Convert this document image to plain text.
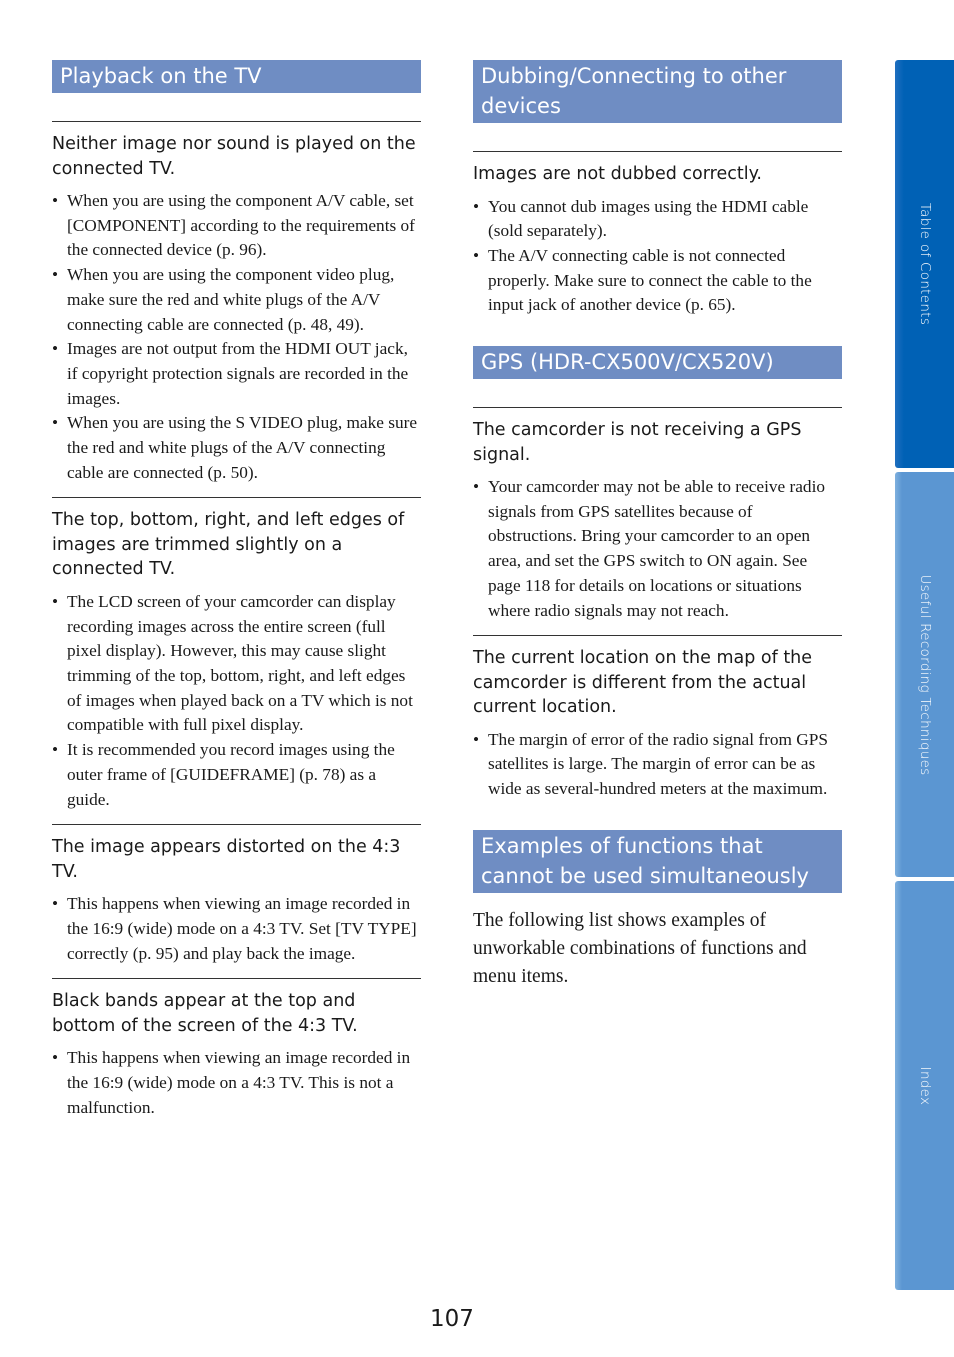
Playback on the TV
Neither image nor sound is played on the connected TV.
• When you are using the component A/V cable, set [COMPONENT] according to the requirements of the connected device (p. 96).
• When you are using the component video plug, make sure the red and white plugs of the A/V connecting cable are connected (p. 48, 49).
• Images are not output from the HDMI OUT jack, if copyright protection signals are recorded in the images.
• When you are using the S VIDEO plug, make sure the red and white plugs of the A/V connecting cable are connected (p. 50).
The top, bottom, right, and left edges of images are trimmed slightly on a connected TV.
• The LCD screen of your camcorder can display recording images across the entire screen (full pixel display). However, this may cause slight trimming of the top, bottom, right, and left edges of images when played back on a TV which is not compatible with full pixel display.
• It is recommended you record images using the outer frame of [GUIDEFRAME] (p. 78) as a guide.
The image appears distorted on the 4:3 TV.
• This happens when viewing an image recorded in the 16:9 (wide) mode on a 4:3 TV. Set [TV TYPE] correctly (p. 95) and play back the image.
Black bands appear at the top and bottom of the screen of the 4:3 TV.
• This happens when viewing an image recorded in the 16:9 (wide) mode on a 4:3 TV. This is not a malfunction.
Dubbing/Connecting to other devices
Images are not dubbed correctly.
• You cannot dub images using the HDMI cable (sold separately).
• The A/V connecting cable is not connected properly. Make sure to connect the cable to the input jack of another device (p. 65).
GPS (HDR-CX500V/CX520V)
The camcorder is not receiving a GPS signal.
• Your camcorder may not be able to receive radio signals from GPS satellites because of obstructions. Bring your camcorder to an open area, and set the GPS switch to ON again. See page 118 for details on locations or situations where radio signals may not reach.
The current location on the map of the camcorder is different from the actual current location.
• The margin of error of the radio signal from GPS satellites is large. The margin of error can be as wide as several-hundred meters at the maximum.
Examples of functions that cannot be used simultaneously

The following list shows examples of unworkable combinations of functions and menu items.

Table of Contents
Useful Recording Techniques
Index
107
